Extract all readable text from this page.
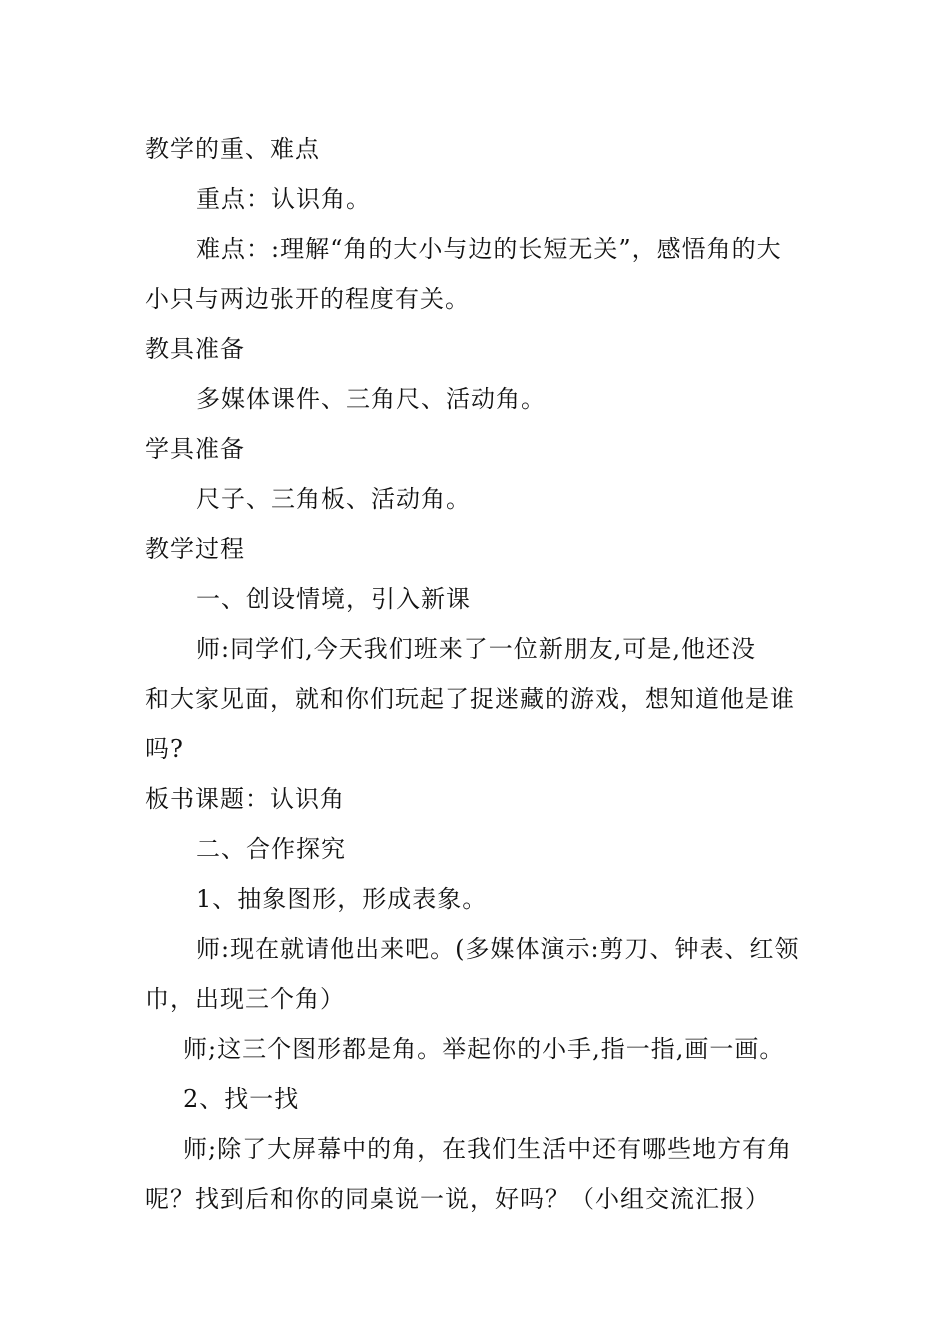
教学的重、难点
重点：认识角。
难点：:理解“角的大小与边的长短无关”，感悟角的大
小只与两边张开的程度有关。
教具准备
多媒体课件、三角尺、活动角。
学具准备
尺子、三角板、活动角。
教学过程
一、创设情境，引入新课
师:同学们,今天我们班来了一位新朋友,可是,他还没
和大家见面，就和你们玩起了捉迷藏的游戏，想知道他是谁
吗?
板书课题：认识角
二、合作探究
1、抽象图形，形成表象。
师:现在就请他出来吧。(多媒体演示:剪刀、钟表、红领
巾，出现三个角）
师;这三个图形都是角。举起你的小手,指一指,画一画。
2、找一找
师;除了大屏幕中的角，在我们生活中还有哪些地方有角
呢？找到后和你的同桌说一说，好吗？（小组交流汇报）
